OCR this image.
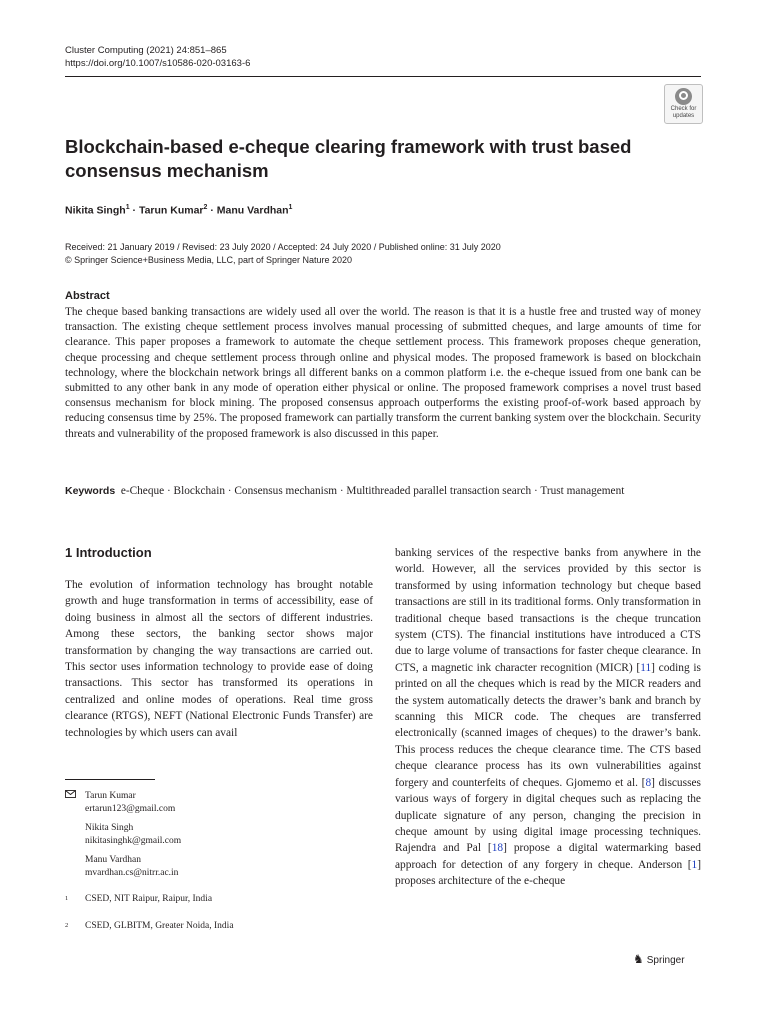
Cluster Computing (2021) 24:851–865
https://doi.org/10.1007/s10586-020-03163-6
Check for
updates
Blockchain-based e-cheque clearing framework with trust based
consensus mechanism
Nikita Singh$^1$ · Tarun Kumar$^2$ · Manu Vardhan$^1$
Received: 21 January 2019 / Revised: 23 July 2020 / Accepted: 24 July 2020 / Published online: 31 July 2020
© Springer Science+Business Media, LLC, part of Springer Nature 2020
Abstract
The cheque based banking transactions are widely used all over the world. The reason is that it is a hustle free and trusted way of money transaction. The existing cheque settlement process involves manual processing of submitted cheques, and large amounts of time for clearance. This paper proposes a framework to automate the cheque settlement process. This framework proposes cheque generation, cheque processing and cheque settlement process through online and physical modes. The proposed framework is based on blockchain technology, where the blockchain network brings all different banks on a common platform i.e. the e-cheque issued from one bank can be submitted to any other bank in any mode of operation either physical or online. The proposed framework comprises a novel trust based consensus mechanism for block mining. The proposed consensus approach outperforms the existing proof-of-work based approach by reducing consensus time by 25%. The proposed framework can partially transform the current banking system over the blockchain. Security threats and vulnerability of the proposed framework is also discussed in this paper.
Keywords e-Cheque · Blockchain · Consensus mechanism · Multithreaded parallel transaction search · Trust management
1 Introduction
The evolution of information technology has brought notable growth and huge transformation in terms of accessibility, ease of doing business in almost all the sectors of different industries. Among these sectors, the banking sector shows major transformation by changing the way transactions are carried out. This sector uses information technology to provide ease of doing transactions. This sector has transformed its operations in centralized and online modes of operations. Real time gross clearance (RTGS), NEFT (National Electronic Funds Transfer) are technologies by which users can avail
banking services of the respective banks from anywhere in the world. However, all the services provided by this sector is transformed by using information technology but cheque based transactions are still in its traditional forms. Only transformation in traditional cheque based transactions is the cheque truncation system (CTS). The financial institutions have introduced a CTS due to large volume of transactions for faster cheque clearance. In CTS, a magnetic ink character recognition (MICR) [11] coding is printed on all the cheques which is read by the MICR readers and the system automatically detects the drawer’s bank and branch by scanning this MICR code. The cheques are transferred electronically (scanned images of cheques) to the drawer’s bank. This process reduces the cheque clearance time. The CTS based cheque clearance process has its own vulnerabilities against forgery and counterfeits of cheques. Gjomemo et al. [8] discusses various ways of forgery in digital cheques such as replacing the duplicate signature of any person, changing the precision in cheque amount by using digital image processing techniques. Rajendra and Pal [18] propose a digital watermarking based approach for detection of any forgery in cheque. Anderson [1] proposes architecture of the e-cheque
Tarun Kumar
ertarun123@gmail.com
Nikita Singh
nikitasinghk@gmail.com
Manu Vardhan
mvardhan.cs@nitrr.ac.in
1 CSED, NIT Raipur, Raipur, India
2 CSED, GLBITM, Greater Noida, India
♞ Springer
